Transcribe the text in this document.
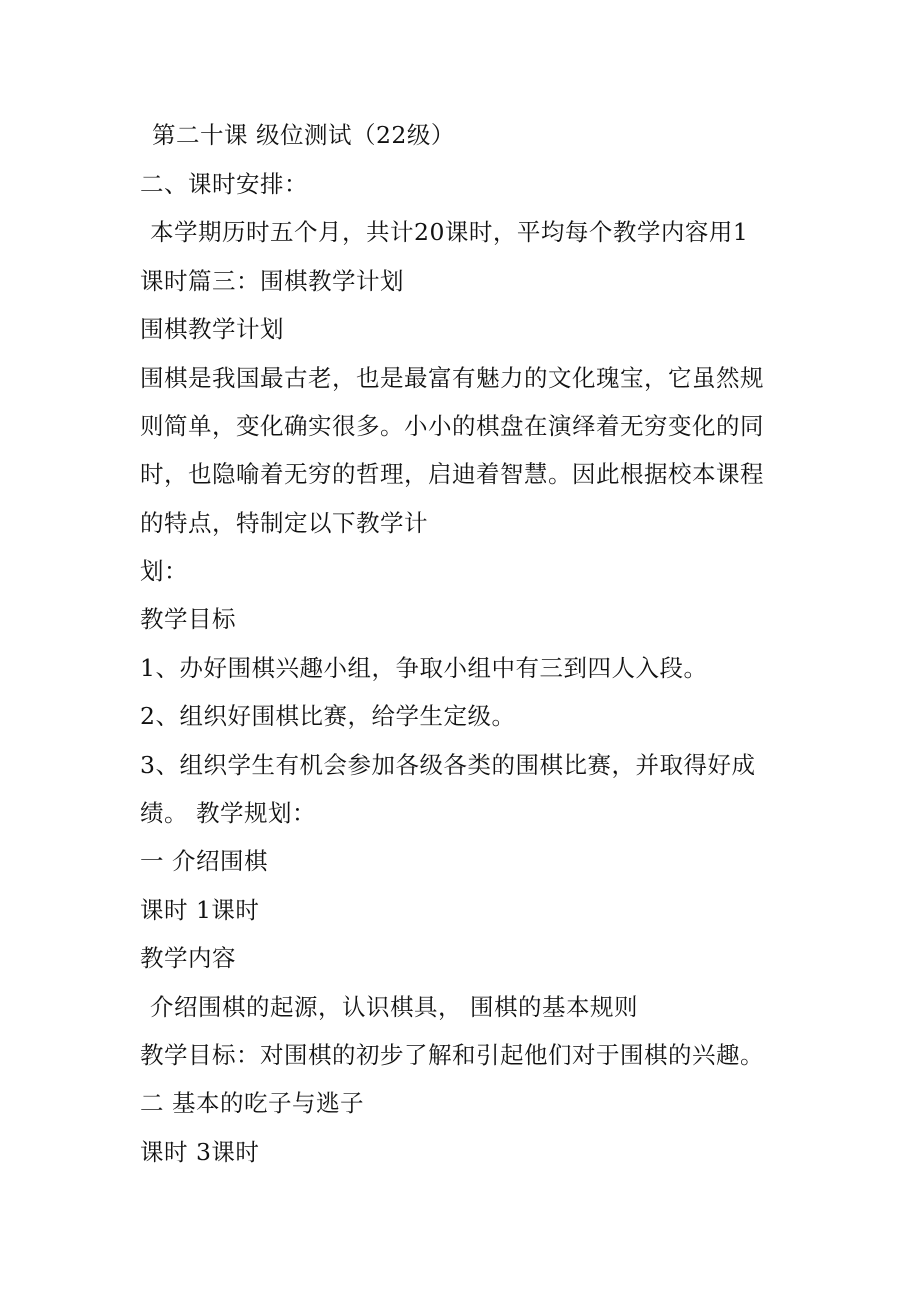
第二十课 级位测试（22级）
二、课时安排：
本学期历时五个月，共计20课时，平均每个教学内容用1
课时篇三：围棋教学计划
围棋教学计划
围棋是我国最古老，也是最富有魅力的文化瑰宝，它虽然规
则简单，变化确实很多。小小的棋盘在演绎着无穷变化的同
时，也隐喻着无穷的哲理，启迪着智慧。因此根据校本课程
的特点，特制定以下教学计
划：
教学目标
1、办好围棋兴趣小组，争取小组中有三到四人入段。
2、组织好围棋比赛，给学生定级。
3、组织学生有机会参加各级各类的围棋比赛，并取得好成
绩。 教学规划：
一 介绍围棋
课时 1课时
教学内容
介绍围棋的起源，认识棋具， 围棋的基本规则
教学目标：对围棋的初步了解和引起他们对于围棋的兴趣。
二 基本的吃子与逃子
课时 3课时
